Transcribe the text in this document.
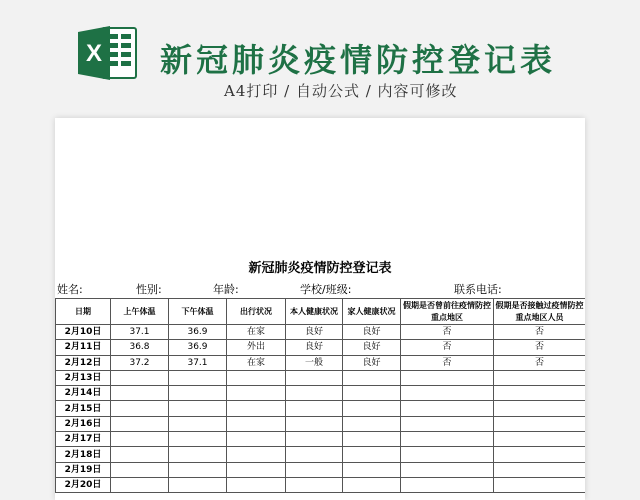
X 新冠肺炎疫情防控登记表
A4打印 / 自动公式 / 内容可修改
新冠肺炎疫情防控登记表
姓名:	性别:	年龄:	学校/班级:	联系电话:
日期	上午体温	下午体温	出行状况	本人健康状况	家人健康状况	假期是否曾前往疫情防控重点地区	假期是否接触过疫情防控重点地区人员
2月10日	37.1	36.9	在家	良好	良好	否	否
2月11日	36.8	36.9	外出	良好	良好	否	否
2月12日	37.2	37.1	在家	一般	良好	否	否
2月13日							
2月14日							
2月15日							
2月16日							
2月17日							
2月18日							
2月19日							
2月20日							
